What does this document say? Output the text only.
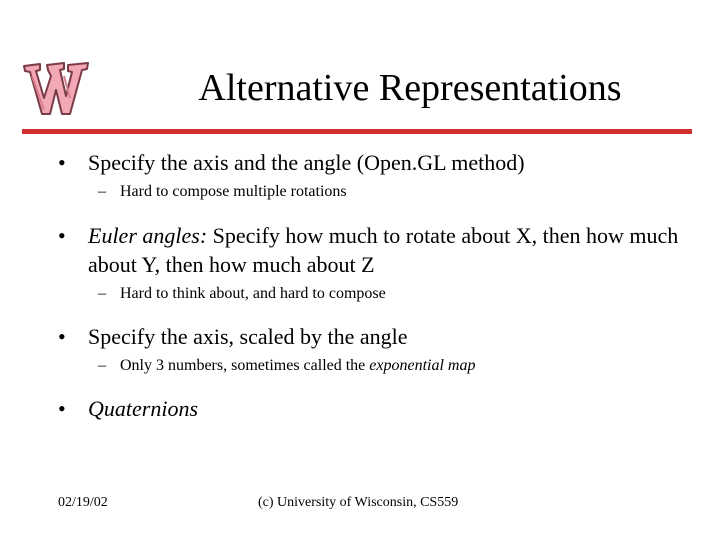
Alternative Representations
• Specify the axis and the angle (Open.GL method)
– Hard to compose multiple rotations
• Euler angles: Specify how much to rotate about X, then how much about Y, then how much about Z
– Hard to think about, and hard to compose
• Specify the axis, scaled by the angle
– Only 3 numbers, sometimes called the exponential map
• Quaternions
02/19/02	(c) University of Wisconsin, CS559
